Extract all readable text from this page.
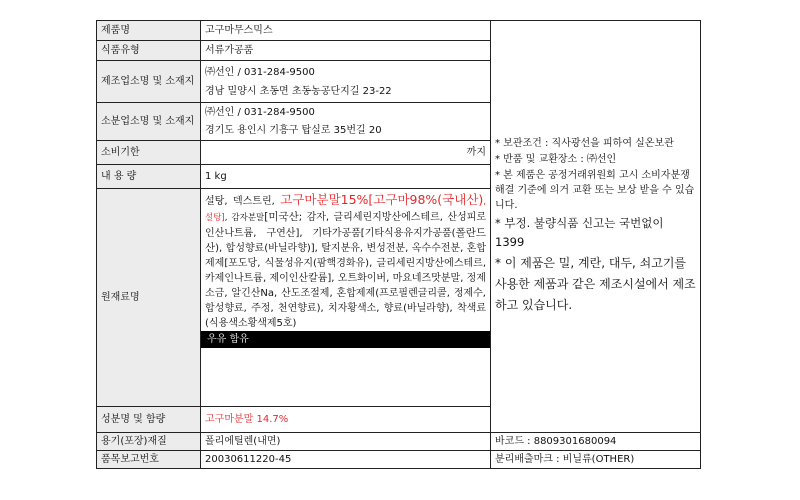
제품명	고구마무스믹스	* 보관조건 : 직사광선을 피하여 실온보관

* 반품 및 교환장소 : ㈜선인

* 본 제품은 공정거래위원회 고시 소비자분쟁해결 기준에 의거 교환 또는 보상 받을 수 있습니다.

* 부정. 불량식품 신고는 국번없이 1399

* 이 제품은 밀, 계란, 대두, 쇠고기를 사용한 제품과 같은 제조시설에서 제조하고 있습니다.

식품유형	서류가공품	
제조업소명 및 소재지	㈜선인 / 031-284-9500
경남 밀양시 초동면 초동농공단지길 23-22	

소분업소명 및 소재지	㈜선인 / 031-284-9500
경기도 용인시 기흥구 탑실로 35번길 20	

소비기한	까지	
내 용 량	1 kg	
원재료명	설탕, 덱스트린, 고구마분말15%[고구마98%(국내산), 설탕], 감자분말[미국산; 감자, 글리세린지방산에스테르, 산성피로인산나트륨, 구연산], 기타가공품[기타식용유지가공품(폴란드산), 합성향료(바닐라향)], 탈지분유, 변성전분, 옥수수전분, 혼합제제[포도당, 식물성유지(팜핵경화유), 글리세린지방산에스테르, 카제인나트륨, 제이인산칼륨], 오트화이버, 마요네즈맛분말, 정제소금, 알긴산Na, 산도조절제, 혼합제제(프로필렌글리콜, 정제수, 합성향료, 주정, 천연향료), 치자황색소, 향료(바닐라향), 착색료(식용색소황색제5호)
우유 함유	

성분명 및 함량	고구마분말 14.7%	
용기(포장)재질	폴리에틸렌(내면)	바코드 : 8809301680094
품목보고번호	20030611220-45	분리배출마크 : 비닐류(OTHER)
